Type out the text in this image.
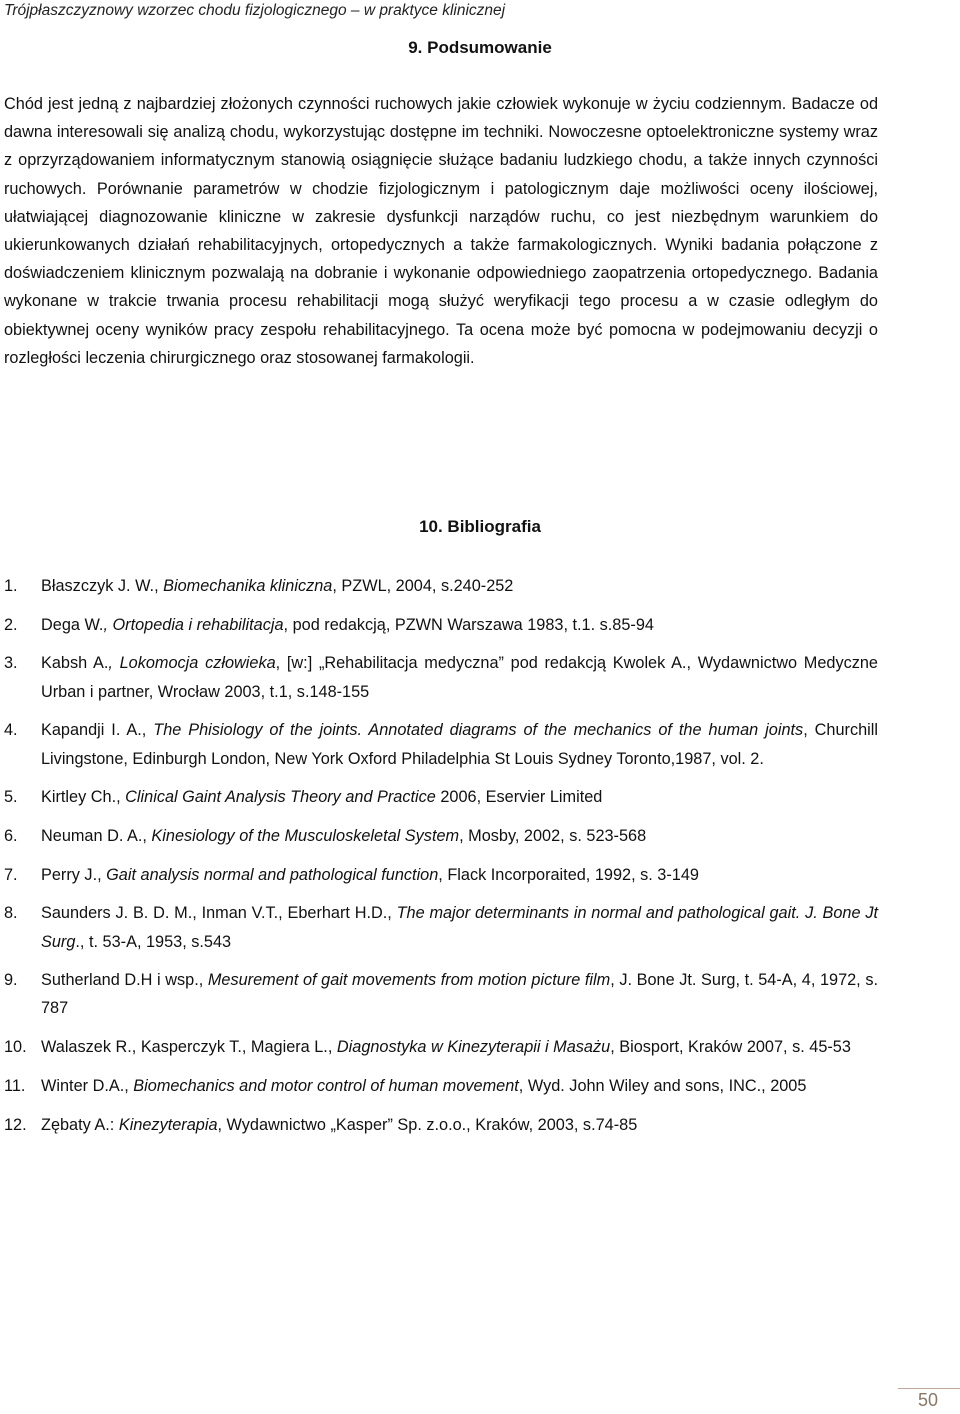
Trójpłaszczyznowy wzorzec chodu fizjologicznego – w praktyce klinicznej
9. Podsumowanie

Chód jest jedną z najbardziej złożonych czynności ruchowych jakie człowiek wykonuje w życiu codziennym. Badacze od dawna interesowali się analizą chodu, wykorzystując dostępne im techniki. Nowoczesne optoelektroniczne systemy wraz z oprzyrządowaniem informatycznym stanowią osiągnięcie służące badaniu ludzkiego chodu, a także innych czynności ruchowych. Porównanie parametrów w chodzie fizjologicznym i patologicznym daje możliwości oceny ilościowej, ułatwiającej diagnozowanie kliniczne w zakresie dysfunkcji narządów ruchu, co jest niezbędnym warunkiem do ukierunkowanych działań rehabilitacyjnych, ortopedycznych a także farmakologicznych. Wyniki badania połączone z doświadczeniem klinicznym pozwalają na dobranie i wykonanie odpowiedniego zaopatrzenia ortopedycznego. Badania wykonane w trakcie trwania procesu rehabilitacji mogą służyć weryfikacji tego procesu a w czasie odległym do obiektywnej oceny wyników pracy zespołu rehabilitacyjnego. Ta ocena może być pomocna w podejmowaniu decyzji o rozległości leczenia chirurgicznego oraz stosowanej farmakologii.

10. Bibliografia
1.	Błaszczyk J. W., Biomechanika kliniczna, PZWL, 2004, s.240-252
2.	Dega W., Ortopedia i rehabilitacja, pod redakcją, PZWN Warszawa 1983, t.1. s.85-94
3.	Kabsh A., Lokomocja człowieka, [w:] „Rehabilitacja medyczna” pod redakcją Kwolek A., Wydawnictwo Medyczne Urban i partner, Wrocław 2003, t.1, s.148-155
4.	Kapandji I. A., The Phisiology of the joints. Annotated diagrams of the mechanics of the human joints, Churchill Livingstone, Edinburgh London, New York Oxford Philadelphia St Louis Sydney Toronto,1987, vol. 2.
5.	Kirtley Ch., Clinical Gaint Analysis Theory and Practice 2006, Eservier Limited
6.	Neuman D. A., Kinesiology of the Musculoskeletal System, Mosby, 2002, s. 523-568
7.	Perry J., Gait analysis normal and pathological function, Flack Incorporaited, 1992, s. 3-149
8.	Saunders J. B. D. M., Inman V.T., Eberhart H.D., The major determinants in normal and pathological gait. J. Bone Jt Surg., t. 53-A, 1953, s.543
9.	Sutherland D.H i wsp., Mesurement of gait movements from motion picture film, J. Bone Jt. Surg, t. 54-A, 4, 1972, s. 787
10. Walaszek R., Kasperczyk T., Magiera L., Diagnostyka w Kinezyterapii i Masażu, Biosport, Kraków 2007, s. 45-53
11. Winter D.A., Biomechanics and motor control of human movement, Wyd. John Wiley and sons, INC., 2005
12. Zębaty A.: Kinezyterapia, Wydawnictwo „Kasper” Sp. z.o.o., Kraków, 2003, s.74-85
50
